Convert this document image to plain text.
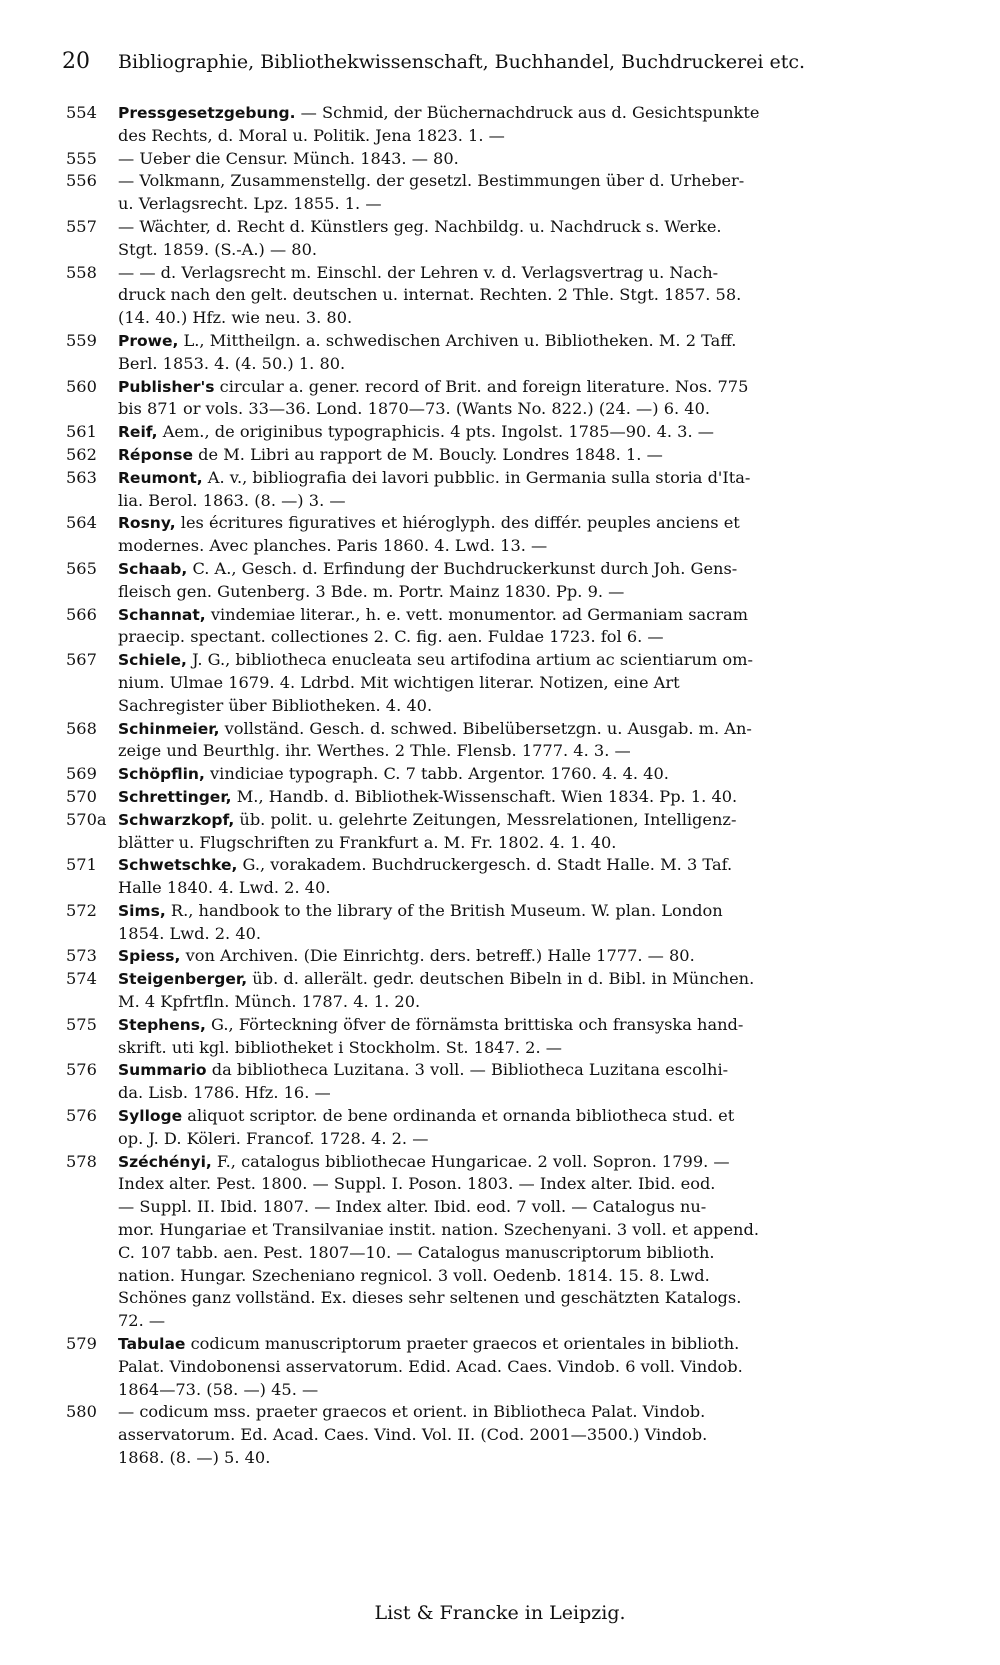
20 Bibliographie, Bibliothekwissenschaft, Buchhandel, Buchdruckerei etc.
554	Pressgesetzgebung. — Schmid, der Büchernachdruck aus d. Gesichtspunkte
des Rechts, d. Moral u. Politik. Jena 1823. 1. —
555	— Ueber die Censur. Münch. 1843. — 80.
556	— Volkmann, Zusammenstellg. der gesetzl. Bestimmungen über d. Urheber-
u. Verlagsrecht. Lpz. 1855. 1. —
557	— Wächter, d. Recht d. Künstlers geg. Nachbildg. u. Nachdruck s. Werke.
Stgt. 1859. (S.-A.) — 80.
558	— — d. Verlagsrecht m. Einschl. der Lehren v. d. Verlagsvertrag u. Nach-
druck nach den gelt. deutschen u. internat. Rechten. 2 Thle. Stgt. 1857. 58.
(14. 40.) Hfz. wie neu. 3. 80.
559	Prowe, L., Mittheilgn. a. schwedischen Archiven u. Bibliotheken. M. 2 Taff.
Berl. 1853. 4. (4. 50.) 1. 80.
560	Publisher's circular a. gener. record of Brit. and foreign literature. Nos. 775
bis 871 or vols. 33—36. Lond. 1870—73. (Wants No. 822.) (24. —) 6. 40.
561	Reif, Aem., de originibus typographicis. 4 pts. Ingolst. 1785—90. 4. 3. —
562	Réponse de M. Libri au rapport de M. Boucly. Londres 1848. 1. —
563	Reumont, A. v., bibliografia dei lavori pubblic. in Germania sulla storia d'Ita-
lia. Berol. 1863. (8. —) 3. —
564	Rosny, les écritures figuratives et hiéroglyph. des différ. peuples anciens et
modernes. Avec planches. Paris 1860. 4. Lwd. 13. —
565	Schaab, C. A., Gesch. d. Erfindung der Buchdruckerkunst durch Joh. Gens-
fleisch gen. Gutenberg. 3 Bde. m. Portr. Mainz 1830. Pp. 9. —
566	Schannat, vindemiae literar., h. e. vett. monumentor. ad Germaniam sacram
praecip. spectant. collectiones 2. C. fig. aen. Fuldae 1723. fol 6. —
567	Schiele, J. G., bibliotheca enucleata seu artifodina artium ac scientiarum om-
nium. Ulmae 1679. 4. Ldrbd. Mit wichtigen literar. Notizen, eine Art
Sachregister über Bibliotheken. 4. 40.
568	Schinmeier, vollständ. Gesch. d. schwed. Bibelübersetzgn. u. Ausgab. m. An-
zeige und Beurthlg. ihr. Werthes. 2 Thle. Flensb. 1777. 4. 3. —
569	Schöpflin, vindiciae typograph. C. 7 tabb. Argentor. 1760. 4. 4. 40.
570	Schrettinger, M., Handb. d. Bibliothek-Wissenschaft. Wien 1834. Pp. 1. 40.
570a Schwarzkopf, üb. polit. u. gelehrte Zeitungen, Messrelationen, Intelligenz-
blätter u. Flugschriften zu Frankfurt a. M. Fr. 1802. 4. 1. 40.
571	Schwetschke, G., vorakadem. Buchdruckergesch. d. Stadt Halle. M. 3 Taf.
Halle 1840. 4. Lwd. 2. 40.
572	Sims, R., handbook to the library of the British Museum. W. plan. London
1854. Lwd. 2. 40.
573	Spiess, von Archiven. (Die Einrichtg. ders. betreff.) Halle 1777. — 80.
574	Steigenberger, üb. d. allerält. gedr. deutschen Bibeln in d. Bibl. in München.
M. 4 Kpfrtfln. Münch. 1787. 4. 1. 20.
575	Stephens, G., Förteckning öfver de förnämsta brittiska och fransyska hand-
skrift. uti kgl. bibliotheket i Stockholm. St. 1847. 2. —
576	Summario da bibliotheca Luzitana. 3 voll. — Bibliotheca Luzitana escolhi-
da. Lisb. 1786. Hfz. 16. —
576	Sylloge aliquot scriptor. de bene ordinanda et ornanda bibliotheca stud. et
op. J. D. Köleri. Francof. 1728. 4. 2. —
578	Széchényi, F., catalogus bibliothecae Hungaricae. 2 voll. Sopron. 1799. —
Index alter. Pest. 1800. — Suppl. I. Poson. 1803. — Index alter. Ibid. eod.
— Suppl. II. Ibid. 1807. — Index alter. Ibid. eod. 7 voll. — Catalogus nu-
mor. Hungariae et Transilvaniae instit. nation. Szechenyani. 3 voll. et append.
C. 107 tabb. aen. Pest. 1807—10. — Catalogus manuscriptorum biblioth.
nation. Hungar. Szecheniano regnicol. 3 voll. Oedenb. 1814. 15. 8. Lwd.
Schönes ganz vollständ. Ex. dieses sehr seltenen und geschätzten Katalogs.
72. —
579	Tabulae codicum manuscriptorum praeter graecos et orientales in biblioth.
Palat. Vindobonensi asservatorum. Edid. Acad. Caes. Vindob. 6 voll. Vindob.
1864—73. (58. —) 45. —
580	— codicum mss. praeter graecos et orient. in Bibliotheca Palat. Vindob.
asservatorum. Ed. Acad. Caes. Vind. Vol. II. (Cod. 2001—3500.) Vindob.
1868. (8. —) 5. 40.
List & Francke in Leipzig.
